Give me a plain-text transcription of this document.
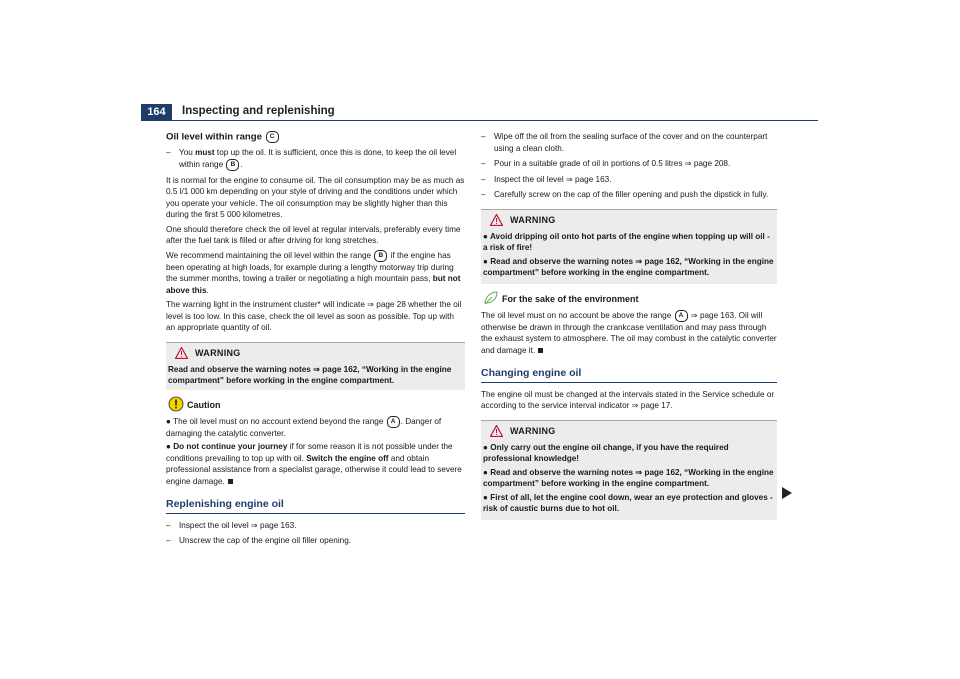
164	Inspecting and replenishing
Oil level within range C
– You must top up the oil. It is sufficient, once this is done, to keep the oil level within range B .

It is normal for the engine to consume oil. The oil consumption may be as much as 0.5 l/1 000 km depending on your style of driving and the conditions under which you operate your vehicle. The oil consumption may be slightly higher than this during the first 5 000 kilometres.

One should therefore check the oil level at regular intervals, preferably every time after the fuel tank is filled or after driving for long stretches.

We recommend maintaining the oil level within the range B if the engine has been operating at high loads, for example during a lengthy motorway trip during the summer months, towing a trailer or negotiating a high mountain pass, but not above this.

The warning light in the instrument cluster* will indicate ⇒ page 28 whether the oil level is too low. In this case, check the oil level as soon as possible. Top up with an appropriate quantity of oil.

WARNING
Read and observe the warning notes ⇒ page 162, “Working in the engine compartment” before working in the engine compartment.
Caution

● The oil level must on no account extend beyond the range A . Danger of damaging the catalytic converter.

● Do not continue your journey if for some reason it is not possible under the conditions prevailing to top up with oil. Switch the engine off and obtain professional assistance from a specialist garage, otherwise it could lead to severe engine damage.

Replenishing engine oil
– Inspect the oil level ⇒ page 163.
– Unscrew the cap of the engine oil filler opening.
– Wipe off the oil from the sealing surface of the cover and on the counterpart using a clean cloth.
– Pour in a suitable grade of oil in portions of 0.5 litres ⇒ page 208.
– Inspect the oil level ⇒ page 163.
– Carefully screw on the cap of the filler opening and push the dipstick in fully.
WARNING

● Avoid dripping oil onto hot parts of the engine when topping up will oil - a risk of fire!

● Read and observe the warning notes ⇒ page 162, “Working in the engine compartment” before working in the engine compartment.

For the sake of the environment

The oil level must on no account be above the range A ⇒ page 163. Oil will otherwise be drawn in through the crankcase ventilation and may pass through the exhaust system to atmosphere. The oil may combust in the catalytic converter and damage it.

Changing engine oil

The engine oil must be changed at the intervals stated in the Service schedule or according to the service interval indicator ⇒ page 17.

WARNING

● Only carry out the engine oil change, if you have the required professional knowledge!

● Read and observe the warning notes ⇒ page 162, “Working in the engine compartment” before working in the engine compartment.

● First of all, let the engine cool down, wear an eye protection and gloves - risk of caustic burns due to hot oil.
